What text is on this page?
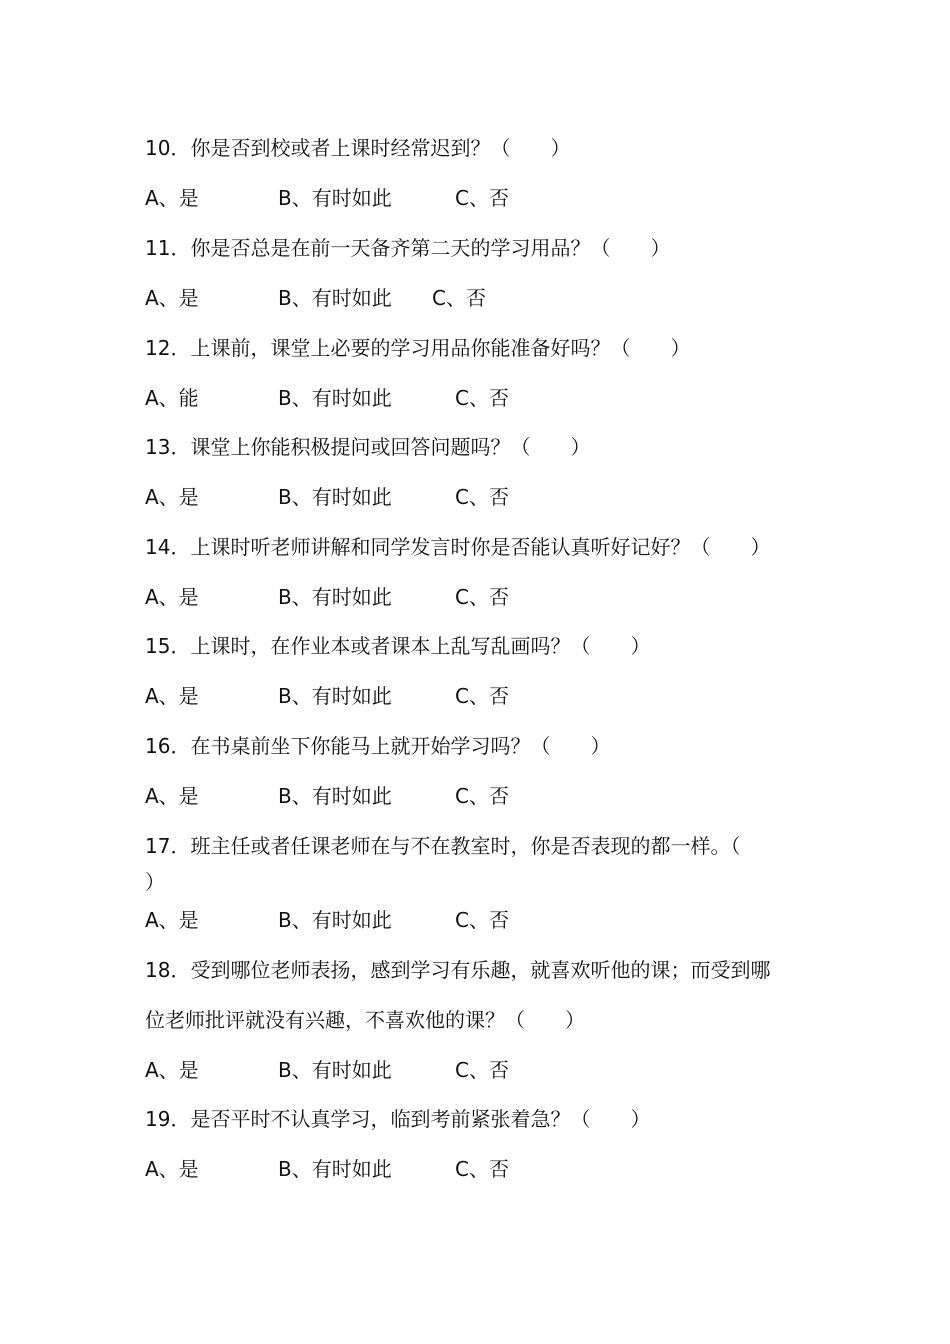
10．你是否到校或者上课时经常迟到？（　　）
A、是	B、有时如此	C、否
11．你是否总是在前一天备齐第二天的学习用品？（　　）
A、是	B、有时如此 C、否
12．上课前，课堂上必要的学习用品你能准备好吗？（　　）
A、能	B、有时如此	C、否
13．课堂上你能积极提问或回答问题吗？（　　）
A、是	B、有时如此	C、否
14．上课时听老师讲解和同学发言时你是否能认真听好记好？（　　）
A、是	B、有时如此	C、否
15．上课时，在作业本或者课本上乱写乱画吗？（　　）
A、是	B、有时如此	C、否
16．在书桌前坐下你能马上就开始学习吗？（　　）
A、是	B、有时如此	C、否
17．班主任或者任课老师在与不在教室时，你是否表现的都一样。（
）
A、是	B、有时如此	C、否
18．受到哪位老师表扬，感到学习有乐趣，就喜欢听他的课；而受到哪
位老师批评就没有兴趣，不喜欢他的课？（　　）
A、是	B、有时如此	C、否
19．是否平时不认真学习，临到考前紧张着急？（　　）
A、是	B、有时如此	C、否
